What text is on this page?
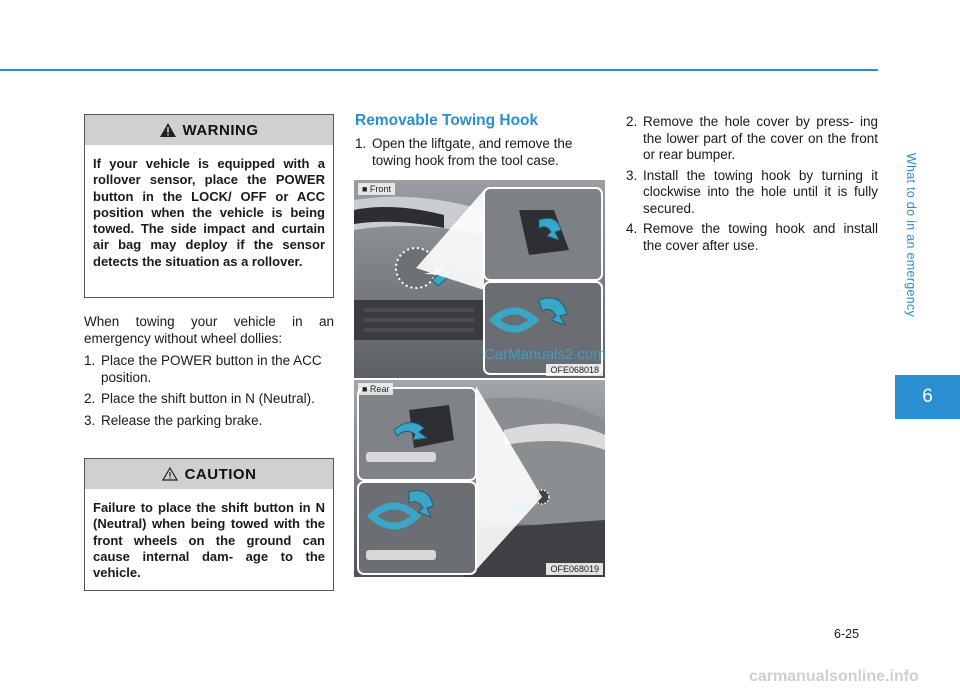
What to do in an emergency
6
WARNING
If your vehicle is equipped with a rollover sensor, place the POWER button in the LOCK/ OFF or ACC position when the vehicle is being towed. The side impact and curtain air bag may deploy if the sensor detects the situation as a rollover.

When towing your vehicle in an emergency without wheel dollies:

1. Place the POWER button in the ACC position.
2. Place the shift button in N (Neutral).
3. Release the parking brake.
CAUTION
Failure to place the shift button in N (Neutral) when being towed with the front wheels on the ground can cause internal dam- age to the vehicle.
Removable Towing Hook
1. Open the liftgate, and remove the towing hook from the tool case.
■ Front
OFE068018
■ Rear
OFE068019
CarManuals2.com
2. Remove the hole cover by press- ing the lower part of the cover on the front or rear bumper.
3. Install the towing hook by turning it clockwise into the hole until it is fully secured.
4. Remove the towing hook and install the cover after use.
6-25
carmanualsonline.info
